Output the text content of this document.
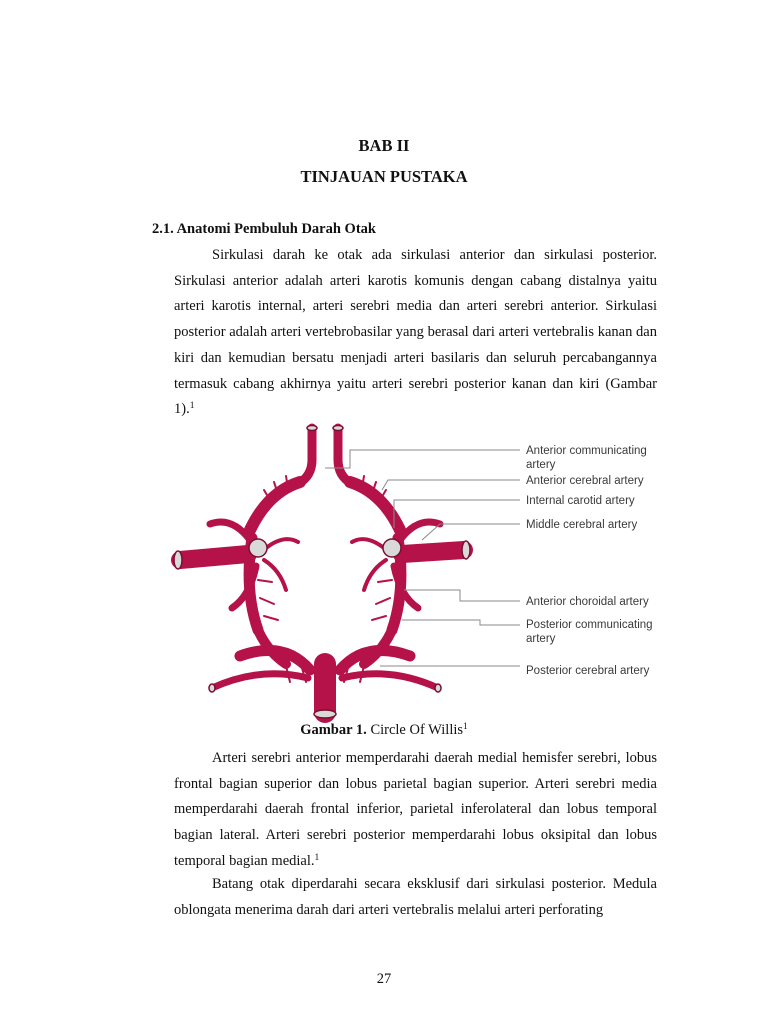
BAB II
TINJAUAN PUSTAKA
2.1. Anatomi Pembuluh Darah Otak

Sirkulasi darah ke otak ada sirkulasi anterior dan sirkulasi posterior. Sirkulasi anterior adalah arteri karotis komunis dengan cabang distalnya yaitu arteri karotis internal, arteri serebri media dan arteri serebri anterior. Sirkulasi posterior adalah arteri vertebrobasilar yang berasal dari arteri vertebralis kanan dan kiri dan kemudian bersatu menjadi arteri basilaris dan seluruh percabangannya termasuk cabang akhirnya yaitu arteri serebri posterior kanan dan kiri (Gambar 1).$^1$

Anterior communicating
artery
Anterior cerebral artery
Internal carotid artery
Middle cerebral artery
Anterior choroidal artery
Posterior communicating
artery
Posterior cerebral artery
Gambar 1. Circle Of Willis$^1$

Arteri serebri anterior memperdarahi daerah medial hemisfer serebri, lobus frontal bagian superior dan lobus parietal bagian superior. Arteri serebri media memperdarahi daerah frontal inferior, parietal inferolateral dan lobus temporal bagian lateral. Arteri serebri posterior memperdarahi lobus oksipital dan lobus temporal bagian medial.$^1$

Batang otak diperdarahi secara eksklusif dari sirkulasi posterior. Medula oblongata menerima darah dari arteri vertebralis melalui arteri perforating

27
